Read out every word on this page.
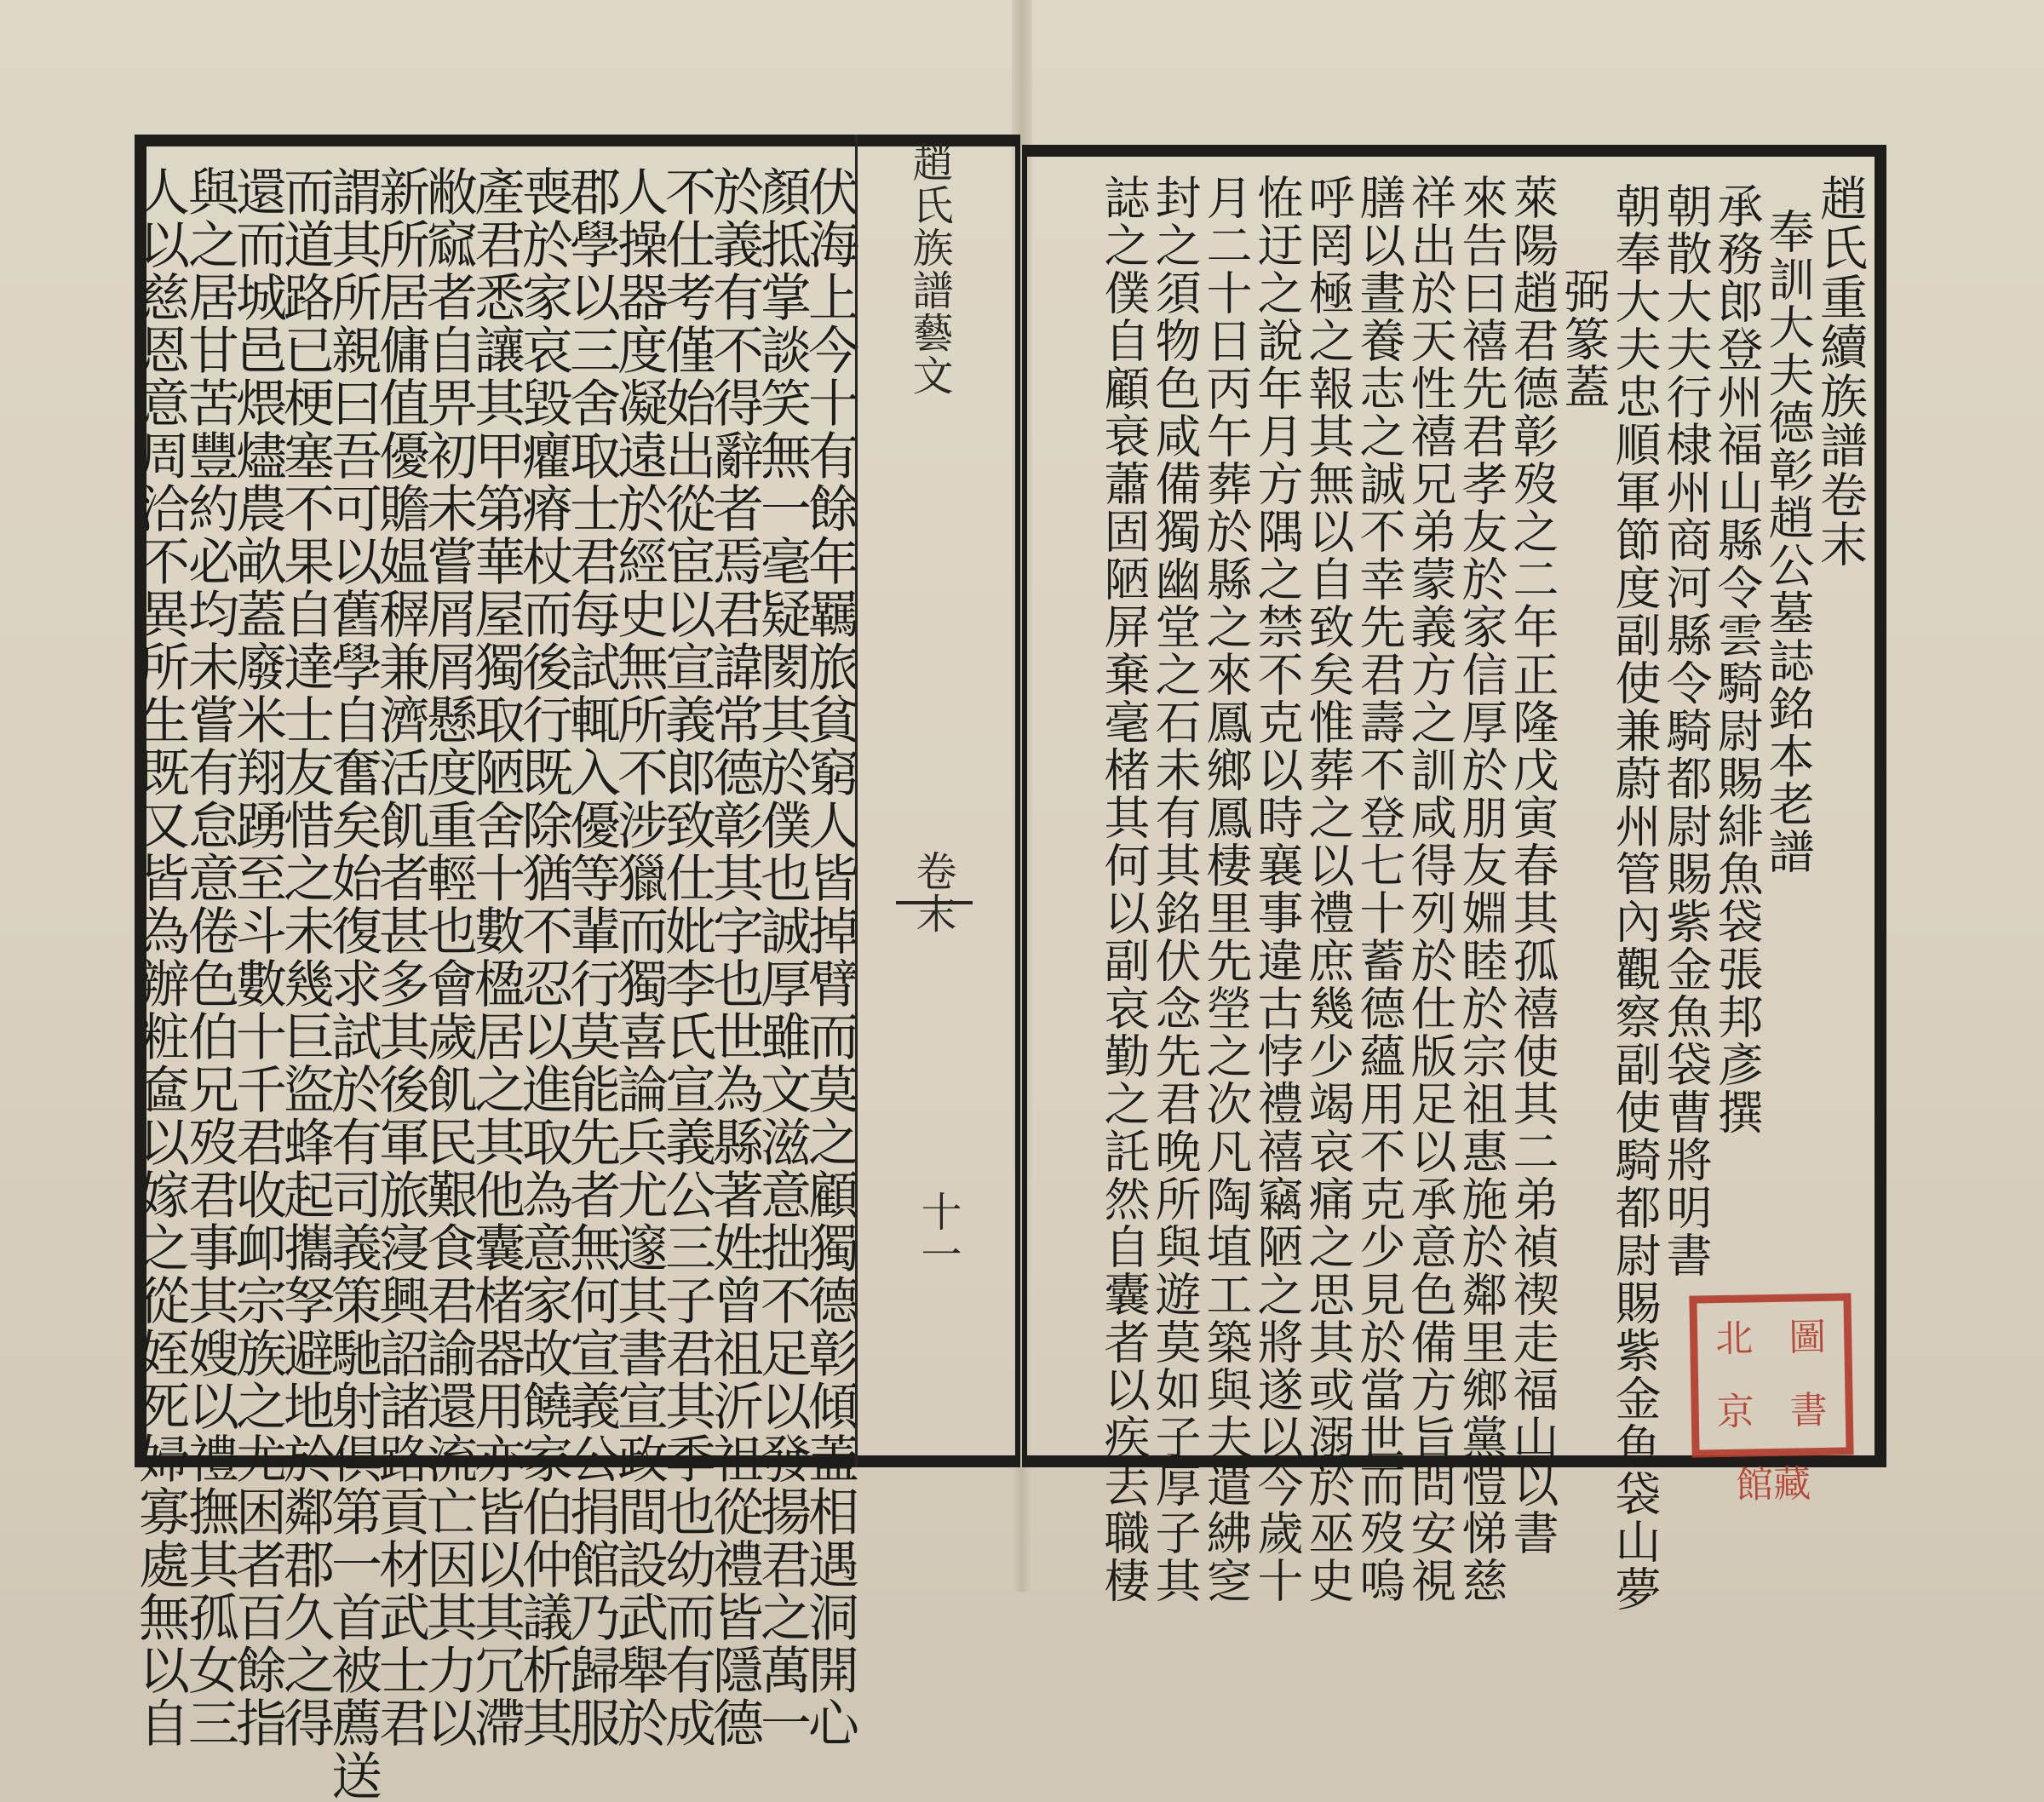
伏海上今十有餘年羈旅貧窮人皆掉臂而莫之顧獨德彰傾蓋相遇洞開心
顏抵掌談笑無一毫疑閡其於僕也誠厚雖文滋意拙不足以發揚君之萬一
於義有不得辭者焉君諱常德彰其字也世為縣著姓曾祖沂祖從禮皆隱德
不仕考僅始出從宦以宣義郎致仕妣李氏宣義公三子君其季也幼而有成
人操器度凝遠於經史無所不涉獵而獨喜論兵尤邃其書宣政間設武舉於
郡學以三舍取士君每試輒入優等輩行莫能先者無何宣義公捐館乃歸服
喪於家哀毀癯瘠杖而後行既除猶不忍以進取為意家故饒家伯仲議析其
產君悉讓其甲第華屋獨取陋舍十數楹居之其他囊楮器用亦皆以其冗滯
敝窳者自畀初未嘗屑屑懸度重輕也會歲飢民艱食君諭還流亡因其力以
新所居傭值優贍媪稺兼濟活飢者甚多其後軍旅寖興詔諸路貢材武士君
謂其所親曰吾可以舊學自奮矣始復求試於有司義策馳射俱第一首被薦送
而道路已梗塞不果自達士友惜之未幾巨盜蜂起攜孥避地於鄰郡久之得
還而城邑煨燼農畝蓋廢米翔踴至斗數十千君收卹宗族之尤困者百餘指
與之居甘苦豐約必均未嘗有怠意倦色伯兄歿君事其嫂以禮撫其孤女三
人以慈恩意周洽不異所生既又皆為辦粧奩以嫁之從姪死婦寡處無以自	趙氏族譜藝文
卷末
十一
趙氏重續族譜卷末
奉訓大夫德彰趙公墓誌銘本老譜
承務郎登州福山縣令雲騎尉賜緋魚袋張邦彥撰
朝散大夫行棣州商河縣令騎都尉賜紫金魚袋曹將明書
朝奉大夫忠順軍節度副使兼蔚州管內觀察副使騎都尉賜紫金魚袋山夢
弼篆蓋
萊陽趙君德彰歿之二年正隆戊寅春其孤禧使其二弟禎禊走福山以書
來告曰禧先君孝友於家信厚於朋友婣睦於宗祖惠施於鄰里鄉黨愷悌慈
祥出於天性禧兄弟蒙義方之訓咸得列於仕版足以承意色備方旨問安視
膳以晝養志之誠不幸先君壽不登七十蓄德蘊用不克少見於當世而歿嗚
呼罔極之報其無以自致矣惟葬之以禮庶幾少竭哀痛之思其或溺於巫史
恠迂之說年月方隅之禁不克以時襄事違古悖禮禧竊陋之將遂以今歲十
月二十日丙午葬於縣之來鳳鄉鳳棲里先塋之次凡陶埴工築與夫遣紼窆
封之須物色咸備獨幽堂之石未有其銘伏念先君晚所與遊莫如子厚子其
誌之僕自顧衰蕭固陋屏棄毫楮其何以副哀勤之託然自囊者以疾去職棲	北京
圖書
館藏
